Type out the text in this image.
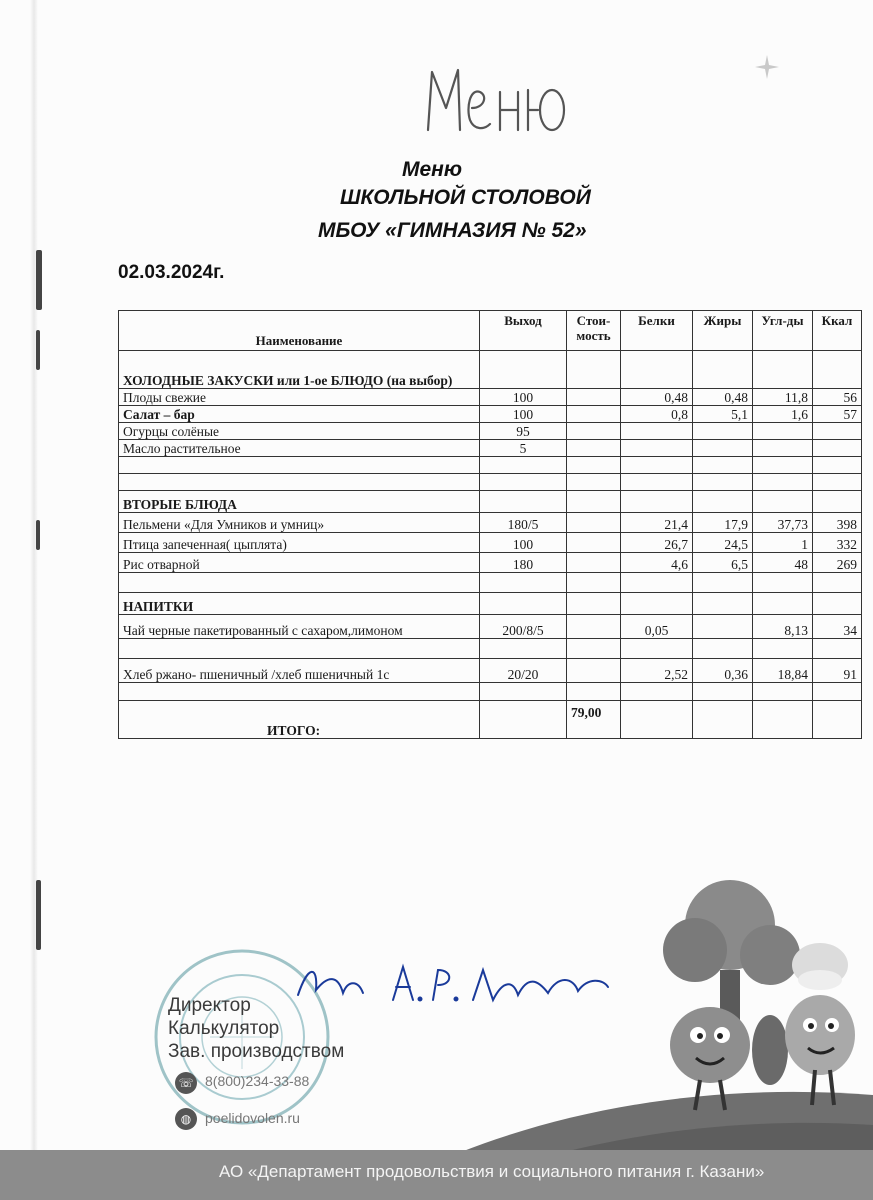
Меню
ШКОЛЬНОЙ СТОЛОВОЙ
МБОУ «ГИМНАЗИЯ № 52»
02.03.2024г.
Наименование	Выход	Стои-мость	Белки	Жиры	Угл-ды	Ккал
ХОЛОДНЫЕ ЗАКУСКИ или 1-ое БЛЮДО (на выбор)						
Плоды свежие	100		0,48	0,48	11,8	56
Салат – бар	100		0,8	5,1	1,6	57
Огурцы солёные	95					
Масло растительное	5					

ВТОРЫЕ БЛЮДА						
Пельмени «Для Умников и умниц»	180/5		21,4	17,9	37,73	398
Птица запеченная( цыплята)	100		26,7	24,5	1	332
Рис отварной	180		4,6	6,5	48	269

НАПИТКИ						
Чай черные пакетированный с сахаром,лимоном	200/8/5		0,05		8,13	34

Хлеб ржано- пшеничный /хлеб пшеничный 1с	20/20		2,52	0,36	18,84	91

ИТОГО:		79,00				
Директор
Калькулятор
Зав. производством
☏ 8(800)234-33-88
◍ poelidovolen.ru
АО «Департамент продовольствия и социального питания г. Казани»
